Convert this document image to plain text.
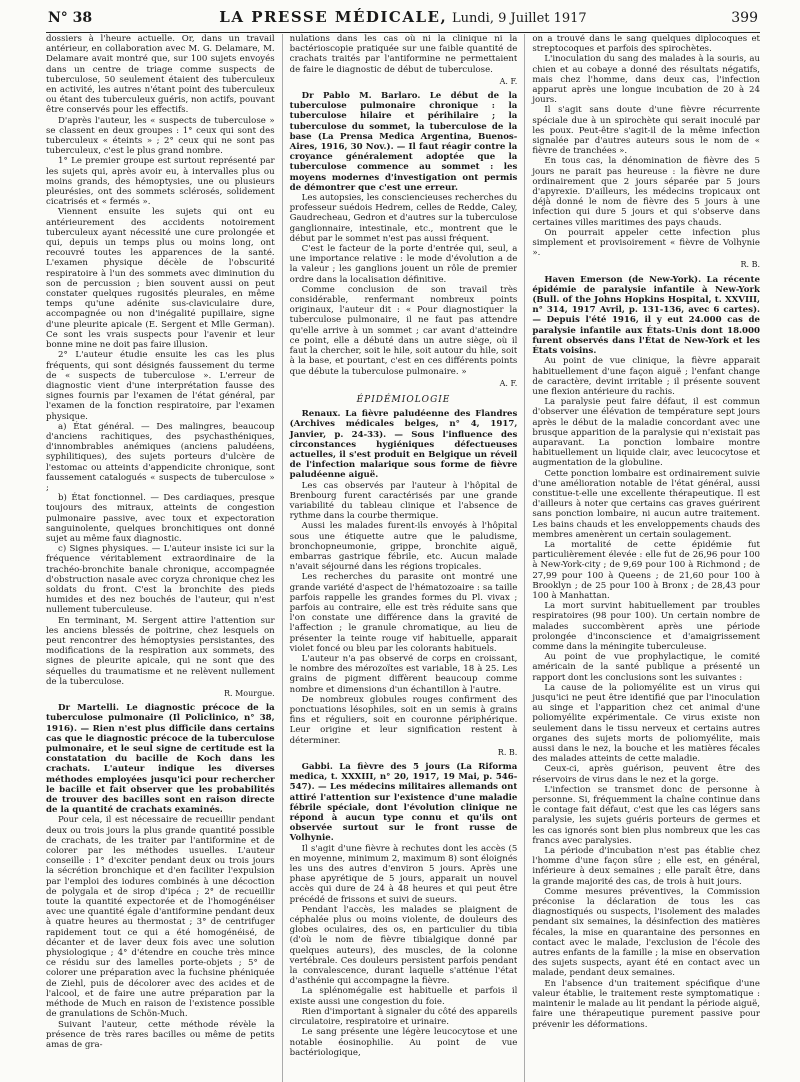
N° 38	LA PRESSE MÉDICALE, Lundi, 9 Juillet 1917	399

dossiers à l'heure actuelle. Or, dans un travail antérieur, en collaboration avec M. G. Delamare, M. Delamare avait montré que, sur 100 sujets envoyés dans un centre de triage comme suspects de tuberculose, 50 seulement étaient des tuberculeux en activité, les autres n'étant point des tuberculeux ou étant des tuberculeux guéris, non actifs, pouvant être conservés pour les effectifs.

D'après l'auteur, les « suspects de tuberculose » se classent en deux groupes : 1° ceux qui sont des tuberculeux « éteints » ; 2° ceux qui ne sont pas tuberculeux, c'est le plus grand nombre.

1° Le premier groupe est surtout représenté par les sujets qui, après avoir eu, à intervalles plus ou moins grands, des hémoptysies, une ou plusieurs pleurésies, ont des sommets sclérosés, solidement cicatrisés et « fermés ».

Viennent ensuite les sujets qui ont eu antérieurement des accidents notoirement tuberculeux ayant nécessité une cure prolongée et qui, depuis un temps plus ou moins long, ont recouvré toutes les apparences de la santé. L'examen physique décèle de l'obscurité respiratoire à l'un des sommets avec diminution du son de percussion ; bien souvent aussi on peut constater quelques rugosités pleurales, en même temps qu'une adénite sus-claviculaire dure, accompagnée ou non d'inégalité pupillaire, signe d'une pleurite apicale (E. Sergent et Mlle German). Ce sont les vrais suspects pour l'avenir et leur bonne mine ne doit pas faire illusion.

2° L'auteur étudie ensuite les cas les plus fréquents, qui sont désignés faussement du terme de « suspects de tuberculose ». L'erreur de diagnostic vient d'une interprétation fausse des signes fournis par l'examen de l'état général, par l'examen de la fonction respiratoire, par l'examen physique.

a) État général. — Des malingres, beaucoup d'anciens rachitiques, des psychasthéniques, d'innombrables anémiques (anciens paludéens, syphilitiques), des sujets porteurs d'ulcère de l'estomac ou atteints d'appendicite chronique, sont faussement catalogués « suspects de tuberculose » ;

b) État fonctionnel. — Des cardiaques, presque toujours des mitraux, atteints de congestion pulmonaire passive, avec toux et expectoration sanguinolente, quelques bronchitiques ont donné sujet au même faux diagnostic.

c) Signes physiques. — L'auteur insiste ici sur la fréquence véritablement extraordinaire de la trachéo-bronchite banale chronique, accompagnée d'obstruction nasale avec coryza chronique chez les soldats du front. C'est la bronchite des pieds humides et des nez bouchés de l'auteur, qui n'est nullement tuberculeuse.

En terminant, M. Sergent attire l'attention sur les anciens blessés de poitrine, chez lesquels on peut rencontrer des hémoptysies persistantes, des modifications de la respiration aux sommets, des signes de pleurite apicale, qui ne sont que des séquelles du traumatisme et ne relèvent nullement de la tuberculose.

R. Mourgue.

Dr Martelli. Le diagnostic précoce de la tuberculose pulmonaire (Il Policlinico, n° 38, 1916). — Rien n'est plus difficile dans certains cas que le diagnostic précoce de la tuberculose pulmonaire, et le seul signe de certitude est la constatation du bacille de Koch dans les crachats. L'auteur indique les diverses méthodes employées jusqu'ici pour rechercher le bacille et fait observer que les probabilités de trouver des bacilles sont en raison directe de la quantité de crachats examinés.

Pour cela, il est nécessaire de recueillir pendant deux ou trois jours la plus grande quantité possible de crachats, de les traiter par l'antiformine et de colorer par les méthodes usuelles. L'auteur conseille : 1° d'exciter pendant deux ou trois jours la sécrétion bronchique et d'en faciliter l'expulsion par l'emploi des iodures combinés à une décoction de polygala et de sirop d'ipéca ; 2° de recueillir toute la quantité expectorée et de l'homogénéiser avec une quantité égale d'antiformine pendant deux à quatre heures au thermostat ; 3° de centrifuger rapidement tout ce qui a été homogénéisé, de décanter et de laver deux fois avec une solution physiologique ; 4° d'étendre en couche très mince ce résidu sur des lamelles porte-objets ; 5° de colorer une préparation avec la fuchsine phéniquée de Ziehl, puis de décolorer avec des acides et de l'alcool, et de faire une autre préparation par la méthode de Much en raison de l'existence possible de granulations de Schön-Much.

Suivant l'auteur, cette méthode révèle la présence de très rares bacilles ou même de petits amas de gra-

nulations dans les cas où ni la clinique ni la bactérioscopie pratiquée sur une faible quantité de crachats traités par l'antiformine ne permettaient de faire le diagnostic de début de tuberculose.

A. F.

Dr Pablo M. Barlaro. Le début de la tuberculose pulmonaire chronique : la tuberculose hilaire et périhilaire ; la tuberculose du sommet, la tuberculose de la base (La Prensa Medica Argentina, Buenos-Aires, 1916, 30 Nov.). — Il faut réagir contre la croyance généralement adoptée que la tuberculose commence au sommet : les moyens modernes d'investigation ont permis de démontrer que c'est une erreur.

Les autopsies, les consciencieuses recherches du professeur suédois Hedrem, celles de Redde, Caley, Gaudrecheau, Gedron et d'autres sur la tuberculose ganglionnaire, intestinale, etc., montrent que le début par le sommet n'est pas aussi fréquent.

C'est le facteur de la porte d'entrée qui, seul, a une importance relative : le mode d'évolution a de la valeur ; les ganglions jouent un rôle de premier ordre dans la localisation définitive.

Comme conclusion de son travail très considérable, renfermant nombreux points originaux, l'auteur dit : « Pour diagnostiquer la tuberculose pulmonaire, il ne faut pas attendre qu'elle arrive à un sommet ; car avant d'atteindre ce point, elle a débuté dans un autre siège, où il faut la chercher, soit le hile, soit autour du hile, soit à la base, et pourtant, c'est en ces différents points que débute la tuberculose pulmonaire. »

A. F.

ÉPIDÉMIOLOGIE

Renaux. La fièvre paludéenne des Flandres (Archives médicales belges, n° 4, 1917, Janvier, p. 24-33). — Sous l'influence des circonstances hygiéniques défectueuses actuelles, il s'est produit en Belgique un réveil de l'infection malarique sous forme de fièvre paludéenne aiguë.

Les cas observés par l'auteur à l'hôpital de Brenbourg furent caractérisés par une grande variabilité du tableau clinique et l'absence de rythme dans la courbe thermique.

Aussi les malades furent-ils envoyés à l'hôpital sous une étiquette autre que le paludisme, bronchopneumonie, grippe, bronchite aiguë, embarras gastrique fébrile, etc. Aucun malade n'avait séjourné dans les régions tropicales.

Les recherches du parasite ont montré une grande variété d'aspect de l'hématozoaire : sa taille parfois rappelle les grandes formes du Pl. vivax ; parfois au contraire, elle est très réduite sans que l'on constate une différence dans la gravité de l'affection ; le granule chromatique, au lieu de présenter la teinte rouge vif habituelle, apparait violet foncé ou bleu par les colorants habituels.

L'auteur n'a pas observé de corps en croissant, le nombre des mérozoïtes est variable, 18 à 25. Les grains de pigment diffèrent beaucoup comme nombre et dimensions d'un échantillon à l'autre.

De nombreux globules rouges confirment des ponctuations lésophiles, soit en un semis à grains fins et réguliers, soit en couronne périphérique. Leur origine et leur signification restent à déterminer.

R. B.

Gabbi. La fièvre des 5 jours (La Riforma medica, t. XXXIII, n° 20, 1917, 19 Mai, p. 546-547). — Les médecins militaires allemands ont attiré l'attention sur l'existence d'une maladie fébrile spéciale, dont l'évolution clinique ne répond à aucun type connu et qu'ils ont observée surtout sur le front russe de Volhynie.

Il s'agit d'une fièvre à rechutes dont les accès (5 en moyenne, minimum 2, maximum 8) sont éloignés les uns des autres d'environ 5 jours. Après une phase apyrétique de 5 jours, apparait un nouvel accès qui dure de 24 à 48 heures et qui peut être précédé de frissons et suivi de sueurs.

Pendant l'accès, les malades se plaignent de céphalée plus ou moins violente, de douleurs des globes oculaires, des os, en particulier du tibia (d'où le nom de fièvre tibialgique donné par quelques auteurs), des muscles, de la colonne vertébrale. Ces douleurs persistent parfois pendant la convalescence, durant laquelle s'atténue l'état d'asthénie qui accompagne la fièvre.

La splénomégalie est habituelle et parfois il existe aussi une congestion du foie.

Rien d'important à signaler du côté des appareils circulatoire, respiratoire et urinaire.

Le sang présente une légère leucocytose et une notable éosinophilie. Au point de vue bactériologique,

on a trouvé dans le sang quelques diplocoques et streptocoques et parfois des spirochètes.

L'inoculation du sang des malades à la souris, au chien et au cobaye a donné des résultats négatifs, mais chez l'homme, dans deux cas, l'infection apparut après une longue incubation de 20 à 24 jours.

Il s'agit sans doute d'une fièvre récurrente spéciale due à un spirochète qui serait inoculé par les poux. Peut-être s'agit-il de la même infection signalée par d'autres auteurs sous le nom de « fièvre de tranchées ».

En tous cas, la dénomination de fièvre des 5 jours ne parait pas heureuse : la fièvre ne dure ordinairement que 2 jours séparée par 5 jours d'apyrexie. D'ailleurs, les médecins tropicaux ont déjà donné le nom de fièvre des 5 jours à une infection qui dure 5 jours et qui s'observe dans certaines villes maritimes des pays chauds.

On pourrait appeler cette infection plus simplement et provisoirement « fièvre de Volhynie ».

R. B.

Haven Emerson (de New-York). La récente épidémie de paralysie infantile à New-York (Bull. of the Johns Hopkins Hospital, t. XXVIII, n° 314, 1917 Avril, p. 131-136, avec 6 cartes). — Depuis l'été 1916, il y eut 24.000 cas de paralysie infantile aux États-Unis dont 18.000 furent observés dans l'État de New-York et les États voisins.

Au point de vue clinique, la fièvre apparait habituellement d'une façon aiguë ; l'enfant change de caractère, devint irritable ; il présente souvent une flexion antérieure du rachis.

La paralysie peut faire défaut, il est commun d'observer une élévation de température sept jours après le début de la maladie concordant avec une brusque apparition de la paralysie qui n'existait pas auparavant. La ponction lombaire montre habituellement un liquide clair, avec leucocytose et augmentation de la globuline.

Cette ponction lombaire est ordinairement suivie d'une amélioration notable de l'état général, aussi constitue-t-elle une excellente thérapeutique. Il est d'ailleurs à noter que certains cas graves guérirent sans ponction lombaire, ni aucun autre traitement. Les bains chauds et les enveloppements chauds des membres amenèrent un certain soulagement.

La mortalité de cette épidémie fut particulièrement élevée : elle fut de 26,96 pour 100 à New-York-city ; de 9,69 pour 100 à Richmond ; de 27,99 pour 100 à Queens ; de 21,60 pour 100 à Brooklyn ; de 25 pour 100 à Bronx ; de 28,43 pour 100 à Manhattan.

La mort survint habituellement par troubles respiratoires (98 pour 100). Un certain nombre de malades succombèrent après une période prolongée d'inconscience et d'amaigrissement comme dans la méningite tuberculeuse.

Au point de vue prophylactique, le comité américain de la santé publique a présenté un rapport dont les conclusions sont les suivantes :

La cause de la poliomyélite est un virus qui jusqu'ici ne peut être identifié que par l'inoculation au singe et l'apparition chez cet animal d'une poliomyélite expérimentale. Ce virus existe non seulement dans le tissu nerveux et certains autres organes des sujets morts de poliomyélite, mais aussi dans le nez, la bouche et les matières fécales des malades atteints de cette maladie.

Ceux-ci, après guérison, peuvent être des réservoirs de virus dans le nez et la gorge.

L'infection se transmet donc de personne à personne. Si, fréquemment la chaîne continue dans le contage fait défaut, c'est que les cas légers sans paralysie, les sujets guéris porteurs de germes et les cas ignorés sont bien plus nombreux que les cas francs avec paralysies.

La période d'incubation n'est pas établie chez l'homme d'une façon sûre ; elle est, en général, inférieure à deux semaines ; elle paraît être, dans la grande majorité des cas, de trois à huit jours.

Comme mesures préventives, la Commission préconise la déclaration de tous les cas diagnostiqués ou suspects, l'isolement des malades pendant six semaines, la désinfection des matières fécales, la mise en quarantaine des personnes en contact avec le malade, l'exclusion de l'école des autres enfants de la famille ; la mise en observation des sujets suspects, ayant été en contact avec un malade, pendant deux semaines.

En l'absence d'un traitement spécifique d'une valeur établie, le traitement reste symptomatique : maintenir le malade au lit pendant la période aiguë, faire une thérapeutique purement passive pour prévenir les déformations.
